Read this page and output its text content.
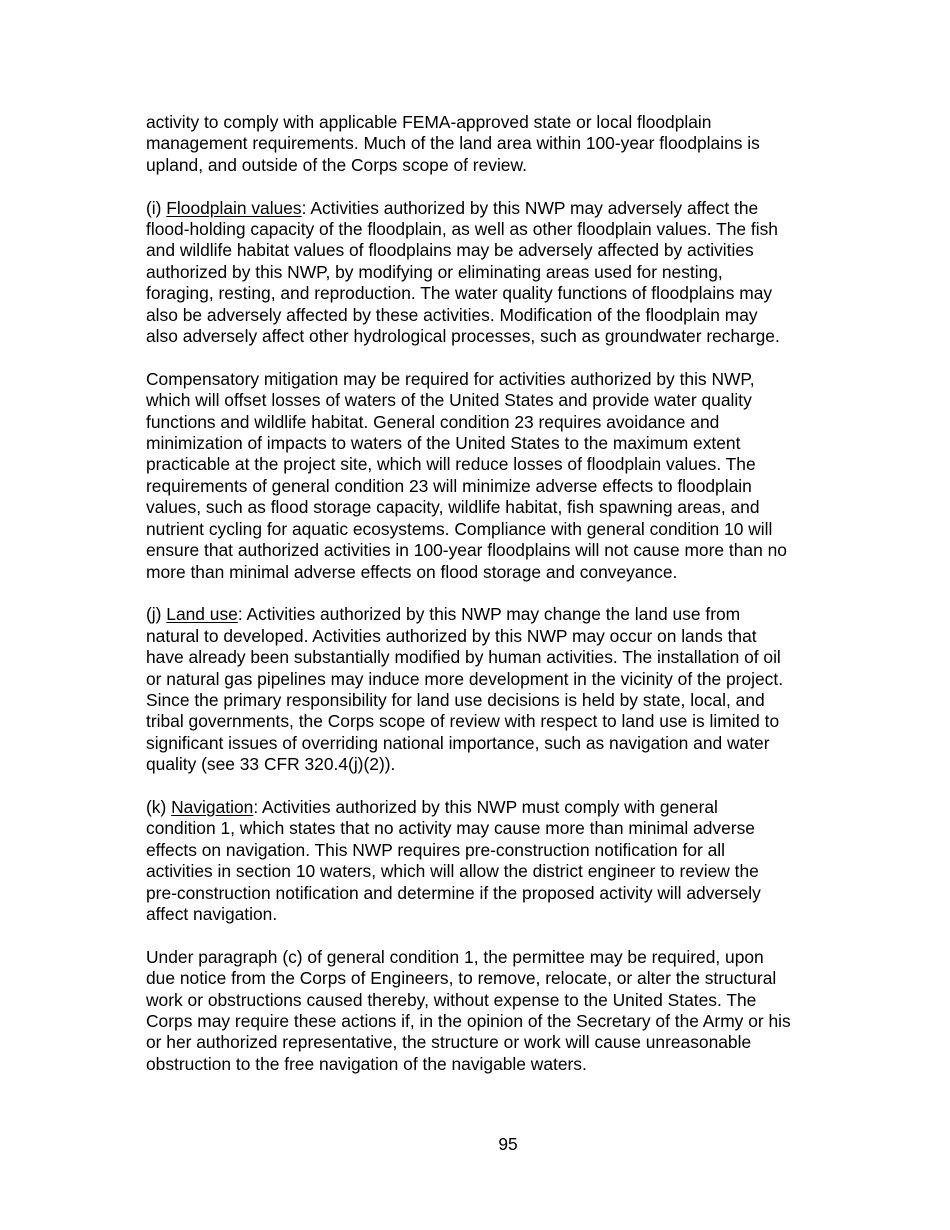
activity to comply with applicable FEMA-approved state or local floodplain
management requirements. Much of the land area within 100-year floodplains is
upland, and outside of the Corps scope of review.

(i) Floodplain values: Activities authorized by this NWP may adversely affect the
flood-holding capacity of the floodplain, as well as other floodplain values. The fish
and wildlife habitat values of floodplains may be adversely affected by activities
authorized by this NWP, by modifying or eliminating areas used for nesting,
foraging, resting, and reproduction. The water quality functions of floodplains may
also be adversely affected by these activities. Modification of the floodplain may
also adversely affect other hydrological processes, such as groundwater recharge.

Compensatory mitigation may be required for activities authorized by this NWP,
which will offset losses of waters of the United States and provide water quality
functions and wildlife habitat. General condition 23 requires avoidance and
minimization of impacts to waters of the United States to the maximum extent
practicable at the project site, which will reduce losses of floodplain values. The
requirements of general condition 23 will minimize adverse effects to floodplain
values, such as flood storage capacity, wildlife habitat, fish spawning areas, and
nutrient cycling for aquatic ecosystems. Compliance with general condition 10 will
ensure that authorized activities in 100-year floodplains will not cause more than no
more than minimal adverse effects on flood storage and conveyance.

(j) Land use: Activities authorized by this NWP may change the land use from
natural to developed. Activities authorized by this NWP may occur on lands that
have already been substantially modified by human activities. The installation of oil
or natural gas pipelines may induce more development in the vicinity of the project.
Since the primary responsibility for land use decisions is held by state, local, and
tribal governments, the Corps scope of review with respect to land use is limited to
significant issues of overriding national importance, such as navigation and water
quality (see 33 CFR 320.4(j)(2)).

(k) Navigation: Activities authorized by this NWP must comply with general
condition 1, which states that no activity may cause more than minimal adverse
effects on navigation. This NWP requires pre-construction notification for all
activities in section 10 waters, which will allow the district engineer to review the
pre-construction notification and determine if the proposed activity will adversely
affect navigation.

Under paragraph (c) of general condition 1, the permittee may be required, upon
due notice from the Corps of Engineers, to remove, relocate, or alter the structural
work or obstructions caused thereby, without expense to the United States. The
Corps may require these actions if, in the opinion of the Secretary of the Army or his
or her authorized representative, the structure or work will cause unreasonable
obstruction to the free navigation of the navigable waters.

95
